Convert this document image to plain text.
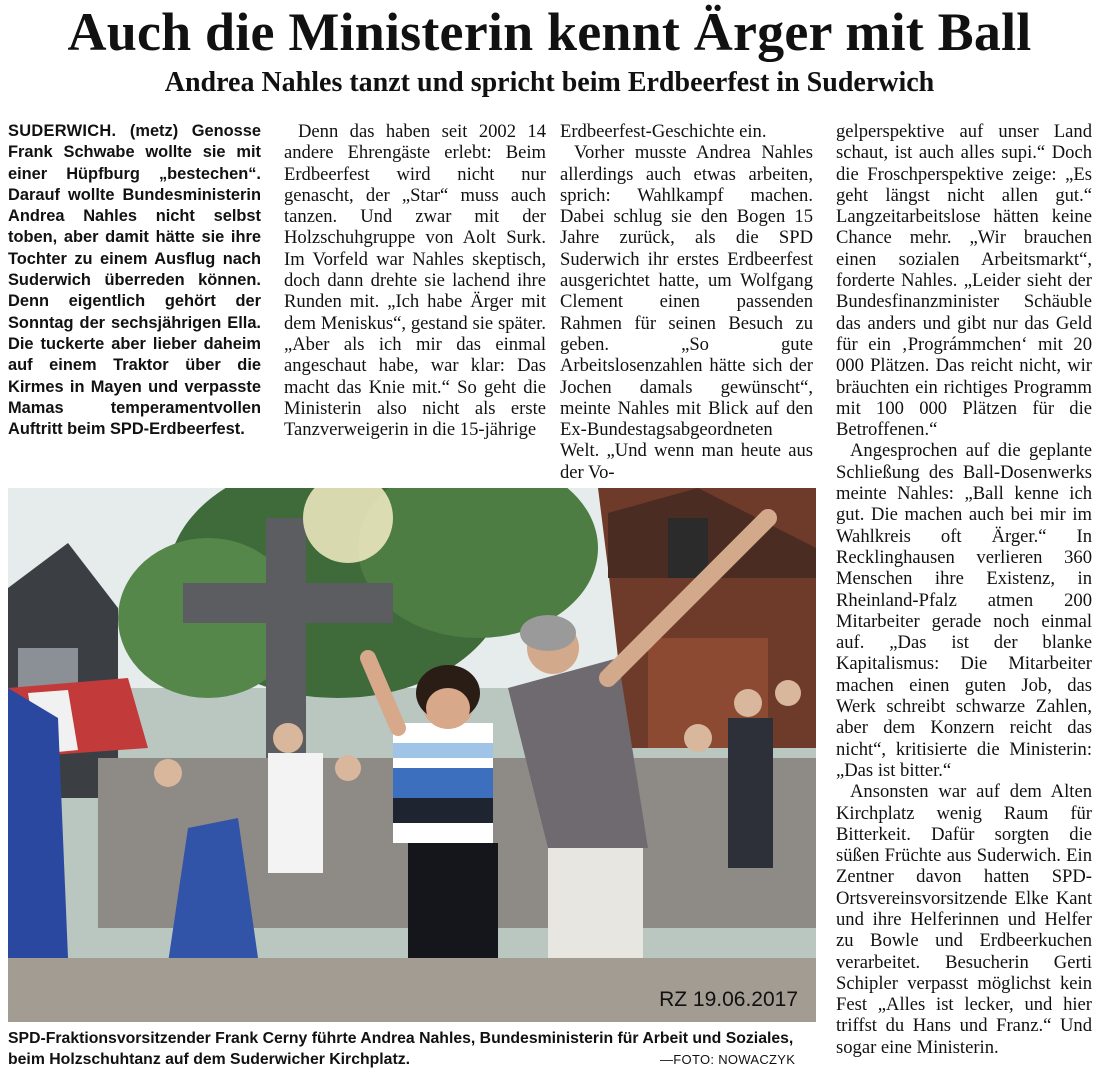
Auch die Ministerin kennt Ärger mit Ball
Andrea Nahles tanzt und spricht beim Erdbeerfest in Suderwich

SUDERWICH. (metz) Genosse Frank Schwabe wollte sie mit einer Hüpfburg „bestechen“. Darauf wollte Bundesministerin Andrea Nahles nicht selbst toben, aber damit hätte sie ihre Tochter zu einem Ausflug nach Suderwich überreden können. Denn eigentlich gehört der Sonntag der sechsjährigen Ella. Die tuckerte aber lieber daheim auf einem Traktor über die Kirmes in Mayen und verpasste Mamas temperamentvollen Auftritt beim SPD-Erdbeerfest.

Denn das haben seit 2002 14 andere Ehrengäste erlebt: Beim Erdbeerfest wird nicht nur genascht, der „Star“ muss auch tanzen. Und zwar mit der Holzschuhgruppe von Aolt Surk. Im Vorfeld war Nahles skeptisch, doch dann drehte sie lachend ihre Runden mit. „Ich habe Ärger mit dem Meniskus“, gestand sie später. „Aber als ich mir das einmal angeschaut habe, war klar: Das macht das Knie mit.“ So geht die Ministerin also nicht als erste Tanzverweigerin in die 15-jährige

Erdbeerfest-Geschichte ein.

Vorher musste Andrea Nahles allerdings auch etwas arbeiten, sprich: Wahlkampf machen. Dabei schlug sie den Bogen 15 Jahre zurück, als die SPD Suderwich ihr erstes Erdbeerfest ausgerichtet hatte, um Wolfgang Clement einen passenden Rahmen für seinen Besuch zu geben. „So gute Arbeitslosenzahlen hätte sich der Jochen damals gewünscht“, meinte Nahles mit Blick auf den Ex-Bundestagsabgeordneten Welt. „Und wenn man heute aus der Vo-

gelperspektive auf unser Land schaut, ist auch alles supi.“ Doch die Froschperspektive zeige: „Es geht längst nicht allen gut.“ Langzeitarbeitslose hätten keine Chance mehr. „Wir brauchen einen sozialen Arbeitsmarkt“, forderte Nahles. „Leider sieht der Bundesfinanzminister Schäuble das anders und gibt nur das Geld für ein ‚Prográmmchen‘ mit 20 000 Plätzen. Das reicht nicht, wir bräuchten ein richtiges Programm mit 100 000 Plätzen für die Betroffenen.“

Angesprochen auf die geplante Schließung des Ball-Dosenwerks meinte Nahles: „Ball kenne ich gut. Die machen auch bei mir im Wahlkreis oft Ärger.“ In Recklinghausen verlieren 360 Menschen ihre Existenz, in Rheinland-Pfalz atmen 200 Mitarbeiter gerade noch einmal auf. „Das ist der blanke Kapitalismus: Die Mitarbeiter machen einen guten Job, das Werk schreibt schwarze Zahlen, aber dem Konzern reicht das nicht“, kritisierte die Ministerin: „Das ist bitter.“

Ansonsten war auf dem Alten Kirchplatz wenig Raum für Bitterkeit. Dafür sorgten die süßen Früchte aus Suderwich. Ein Zentner davon hatten SPD-Ortsvereinsvorsitzende Elke Kant und ihre Helferinnen und Helfer zu Bowle und Erdbeerkuchen verarbeitet. Besucherin Gerti Schipler verpasst möglichst kein Fest „Alles ist lecker, und hier triffst du Hans und Franz.“ Und sogar eine Ministerin.

RZ 19.06.2017
SPD-Fraktionsvorsitzender Frank Cerny führte Andrea Nahles, Bundesministerin für Arbeit und Soziales, beim Holzschuhtanz auf dem Suderwicher Kirchplatz.	—FOTO: NOWACZYK
